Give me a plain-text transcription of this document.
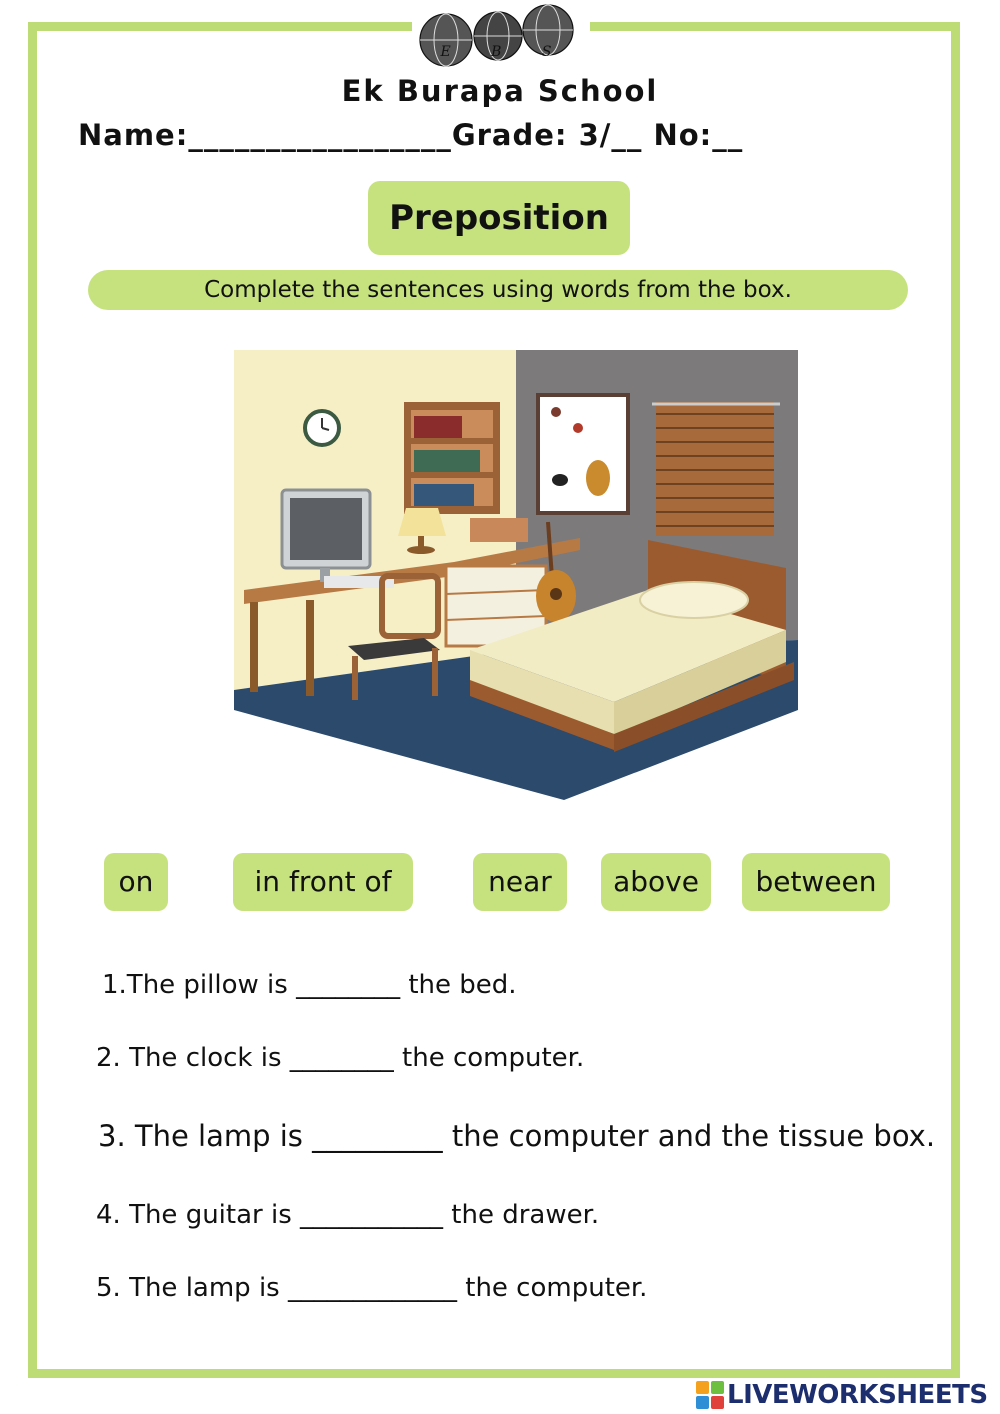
E B S
Ek Burapa School
Name:_________________Grade: 3/__ No:__
Preposition
Complete the sentences using words from the box.
on	in front of	near	above	between
1.The pillow is ________ the bed.
2. The clock is ________ the computer.
3. The lamp is _________ the computer and the tissue box.
4. The guitar is ___________ the drawer.
5. The lamp is _____________ the computer.
LIVEWORKSHEETS
